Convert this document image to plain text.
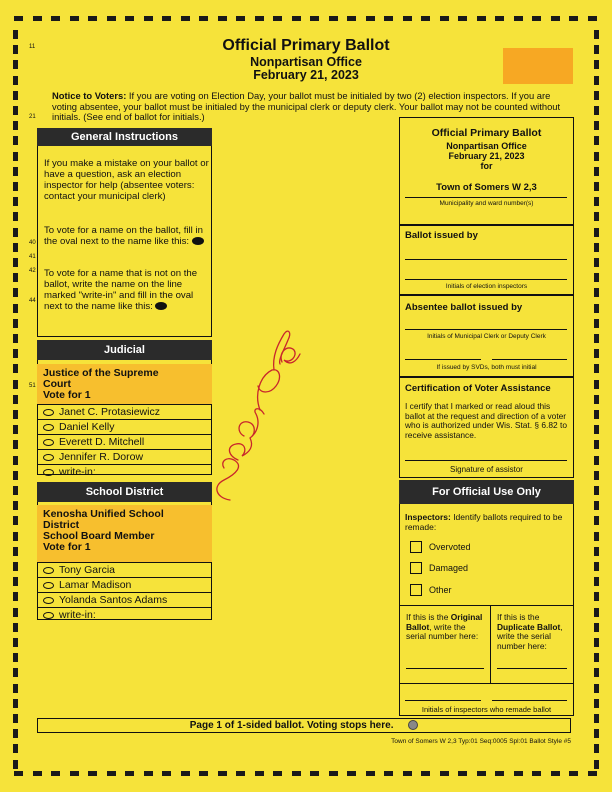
11
21
40
41
42
44
51
Official Primary Ballot
Nonpartisan Office
February 21, 2023
Notice to Voters: If you are voting on Election Day, your ballot must be initialed by two (2) election inspectors. If you are voting absentee, your ballot must be initialed by the municipal clerk or deputy clerk. Your ballot may not be counted without initials. (See end of ballot for initials.)
General Instructions
If you make a mistake on your ballot or have a question, ask an election inspector for help (absentee voters: contact your municipal clerk)
To vote for a name on the ballot, fill in the oval next to the name like this:
To vote for a name that is not on the ballot, write the name on the line marked "write-in" and fill in the oval next to the name like this:
Judicial
Justice of the Supreme
Court
Vote for 1
Janet C. Protasiewicz
Daniel Kelly
Everett D. Mitchell
Jennifer R. Dorow
write-in:
School District
Kenosha Unified School
District
School Board Member
Vote for 1
Tony Garcia
Lamar Madison
Yolanda Santos Adams
write-in:
Official Primary Ballot
Nonpartisan Office
February 21, 2023
for
Town of Somers W 2,3
Municipality and ward number(s)
Ballot issued by
Initials of election inspectors
Absentee ballot issued by
Initials of Municipal Clerk or Deputy Clerk
If issued by SVDs, both must initial
Certification of Voter Assistance
I certify that I marked or read aloud this ballot at the request and direction of a voter who is authorized under Wis. Stat. § 6.82 to receive assistance.
Signature of assistor
For Official Use Only
Inspectors: Identify ballots required to be remade:
Overvoted
Damaged
Other
If this is the Original Ballot, write the serial number here:
If this is the Duplicate Ballot, write the serial number here:
Initials of inspectors who remade ballot
Page 1 of 1-sided ballot. Voting stops here.
Town of Somers W 2,3 Typ:01 Seq:0005 Spl:01 Ballot Style #5
